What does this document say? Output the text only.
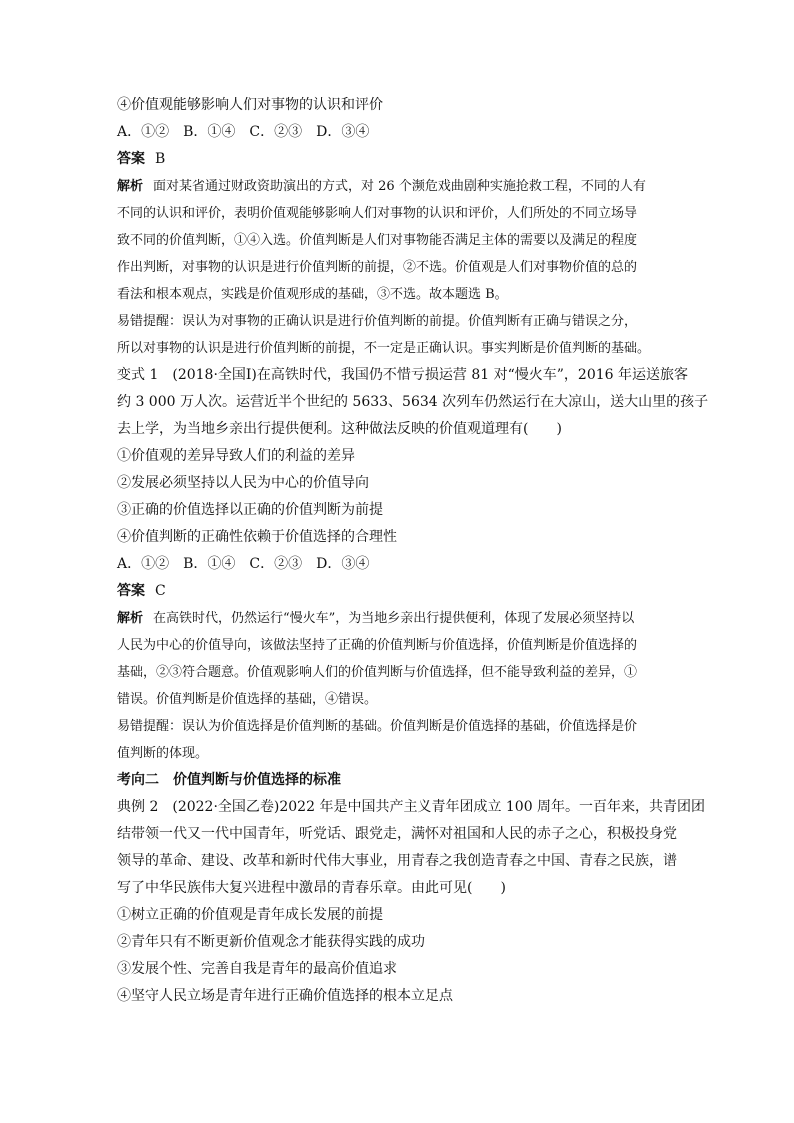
④价值观能够影响人们对事物的认识和评价
A．①②　B．①④　C．②③　D．③④
答案 B
解析 面对某省通过财政资助演出的方式，对 26 个濒危戏曲剧种实施抢救工程，不同的人有
不同的认识和评价，表明价值观能够影响人们对事物的认识和评价，人们所处的不同立场导
致不同的价值判断，①④入选。价值判断是人们对事物能否满足主体的需要以及满足的程度
作出判断，对事物的认识是进行价值判断的前提，②不选。价值观是人们对事物价值的总的
看法和根本观点，实践是价值观形成的基础，③不选。故本题选 B。
易错提醒：误认为对事物的正确认识是进行价值判断的前提。价值判断有正确与错误之分，
所以对事物的认识是进行价值判断的前提，不一定是正确认识。事实判断是价值判断的基础。
变式 1　(2018·全国Ⅰ)在高铁时代，我国仍不惜亏损运营 81 对“慢火车”，2016 年运送旅客
约 3 000 万人次。运营近半个世纪的 5633、5634 次列车仍然运行在大凉山，送大山里的孩子
去上学，为当地乡亲出行提供便利。这种做法反映的价值观道理有(　　)
①价值观的差异导致人们的利益的差异
②发展必须坚持以人民为中心的价值导向
③正确的价值选择以正确的价值判断为前提
④价值判断的正确性依赖于价值选择的合理性
A．①②　B．①④　C．②③　D．③④
答案 C
解析 在高铁时代，仍然运行“慢火车”，为当地乡亲出行提供便利，体现了发展必须坚持以
人民为中心的价值导向，该做法坚持了正确的价值判断与价值选择，价值判断是价值选择的
基础，②③符合题意。价值观影响人们的价值判断与价值选择，但不能导致利益的差异，①
错误。价值判断是价值选择的基础，④错误。
易错提醒：误认为价值选择是价值判断的基础。价值判断是价值选择的基础，价值选择是价
值判断的体现。
考向二　价值判断与价值选择的标准
典例 2　(2022·全国乙卷)2022 年是中国共产主义青年团成立 100 周年。一百年来，共青团团
结带领一代又一代中国青年，听党话、跟党走，满怀对祖国和人民的赤子之心，积极投身党
领导的革命、建设、改革和新时代伟大事业，用青春之我创造青春之中国、青春之民族，谱
写了中华民族伟大复兴进程中激昂的青春乐章。由此可见(　　)
①树立正确的价值观是青年成长发展的前提
②青年只有不断更新价值观念才能获得实践的成功
③发展个性、完善自我是青年的最高价值追求
④坚守人民立场是青年进行正确价值选择的根本立足点
